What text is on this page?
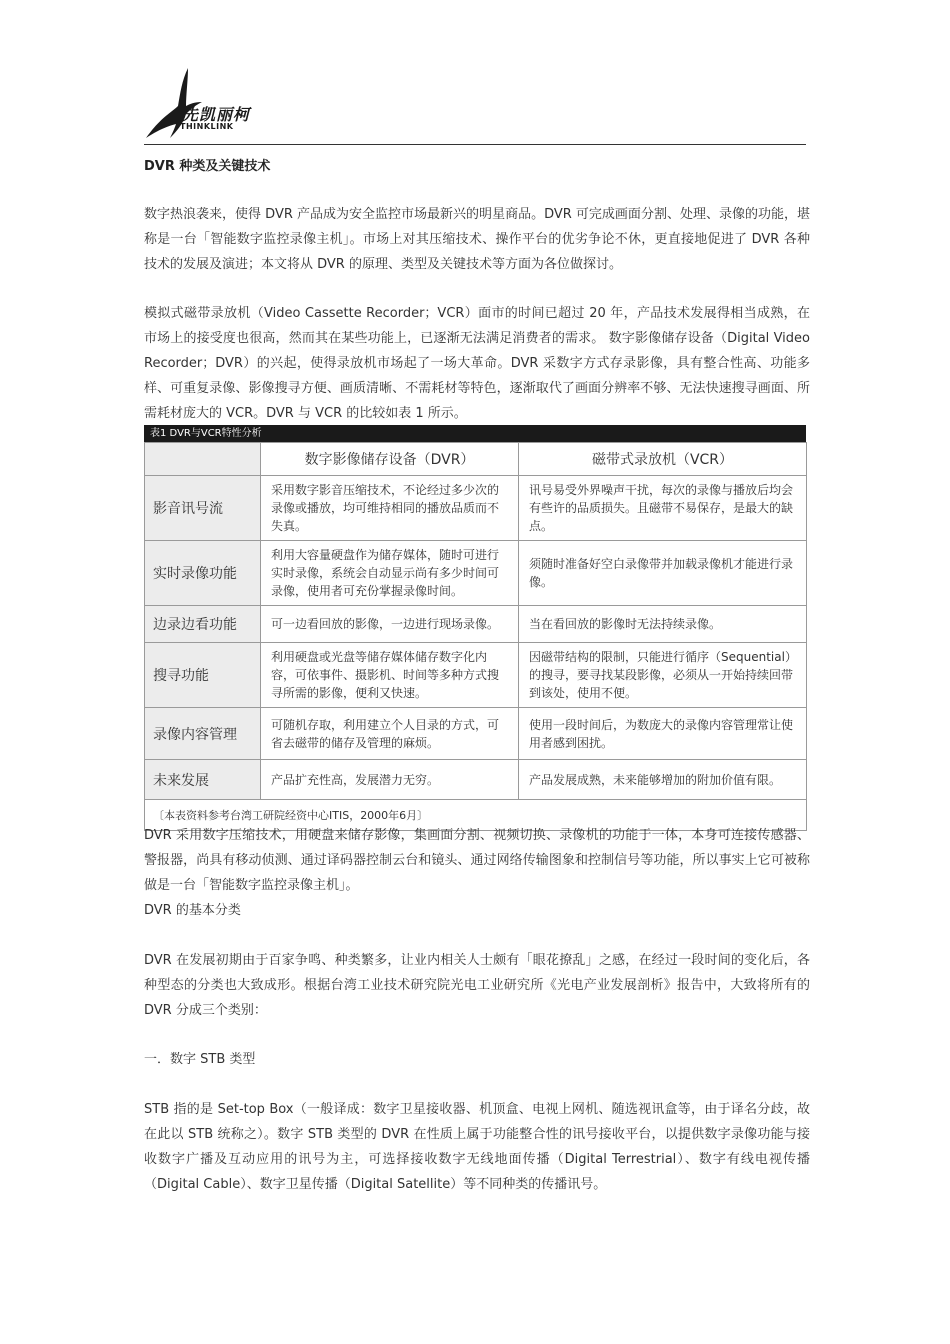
先凯丽柯
THINKLINK
DVR 种类及关键技术
数字热浪袭来，使得 DVR 产品成为安全监控市场最新兴的明星商品。DVR 可完成画面分割、处理、录像的功能，堪称是一台「智能数字监控录像主机」。市场上对其压缩技术、操作平台的优劣争论不休，更直接地促进了 DVR 各种技术的发展及演进；本文将从 DVR 的原理、类型及关键技术等方面为各位做探讨。
模拟式磁带录放机（Video Cassette Recorder；VCR）面市的时间已超过 20 年，产品技术发展得相当成熟，在市场上的接受度也很高，然而其在某些功能上，已逐渐无法满足消费者的需求。 数字影像储存设备（Digital Video Recorder；DVR）的兴起，使得录放机市场起了一场大革命。DVR 采数字方式存录影像，具有整合性高、功能多样、可重复录像、影像搜寻方便、画质清晰、不需耗材等特色，逐渐取代了画面分辨率不够、无法快速搜寻画面、所需耗材庞大的 VCR。DVR 与 VCR 的比较如表 1 所示。
表1 DVR与VCR特性分析
	数字影像储存设备（DVR）	磁带式录放机（VCR）
影音讯号流	采用数字影音压缩技术，不论经过多少次的录像或播放，均可维持相同的播放品质而不失真。	讯号易受外界噪声干扰，每次的录像与播放后均会有些许的品质损失。且磁带不易保存，是最大的缺点。
实时录像功能	利用大容量硬盘作为储存媒体，随时可进行实时录像，系统会自动显示尚有多少时间可录像，使用者可充份掌握录像时间。	须随时准备好空白录像带并加载录像机才能进行录像。
边录边看功能	可一边看回放的影像，一边进行现场录像。	当在看回放的影像时无法持续录像。
搜寻功能	利用硬盘或光盘等储存媒体储存数字化内容，可依事件、摄影机、时间等多种方式搜寻所需的影像，便利又快速。	因磁带结构的限制，只能进行循序（Sequential）的搜寻，要寻找某段影像，必须从一开始持续回带到该处，使用不便。
录像内容管理	可随机存取，利用建立个人目录的方式，可省去磁带的储存及管理的麻烦。	使用一段时间后，为数庞大的录像内容管理常让使用者感到困扰。
未来发展	产品扩充性高，发展潜力无穷。	产品发展成熟，未来能够增加的附加价值有限。
〔本表资料参考台湾工研院经资中心ITIS，2000年6月〕		
DVR 采用数字压缩技术，用硬盘来储存影像，集画面分割、视频切换、录像机的功能于一体，本身可连接传感器、警报器，尚具有移动侦测、通过译码器控制云台和镜头、通过网络传输图象和控制信号等功能，所以事实上它可被称做是一台「智能数字监控录像主机」。
DVR 的基本分类
DVR 在发展初期由于百家争鸣、种类繁多，让业内相关人士颇有「眼花撩乱」之感，在经过一段时间的变化后，各种型态的分类也大致成形。根据台湾工业技术研究院光电工业研究所《光电产业发展剖析》报告中，大致将所有的 DVR 分成三个类别：
一．数字 STB 类型
STB 指的是 Set-top Box（一般译成：数字卫星接收器、机顶盒、电视上网机、随选视讯盒等，由于译名分歧，故在此以 STB 统称之）。数字 STB 类型的 DVR 在性质上属于功能整合性的讯号接收平台，以提供数字录像功能与接收数字广播及互动应用的讯号为主，可选择接收数字无线地面传播（Digital Terrestrial）、数字有线电视传播（Digital Cable）、数字卫星传播（Digital Satellite）等不同种类的传播讯号。
